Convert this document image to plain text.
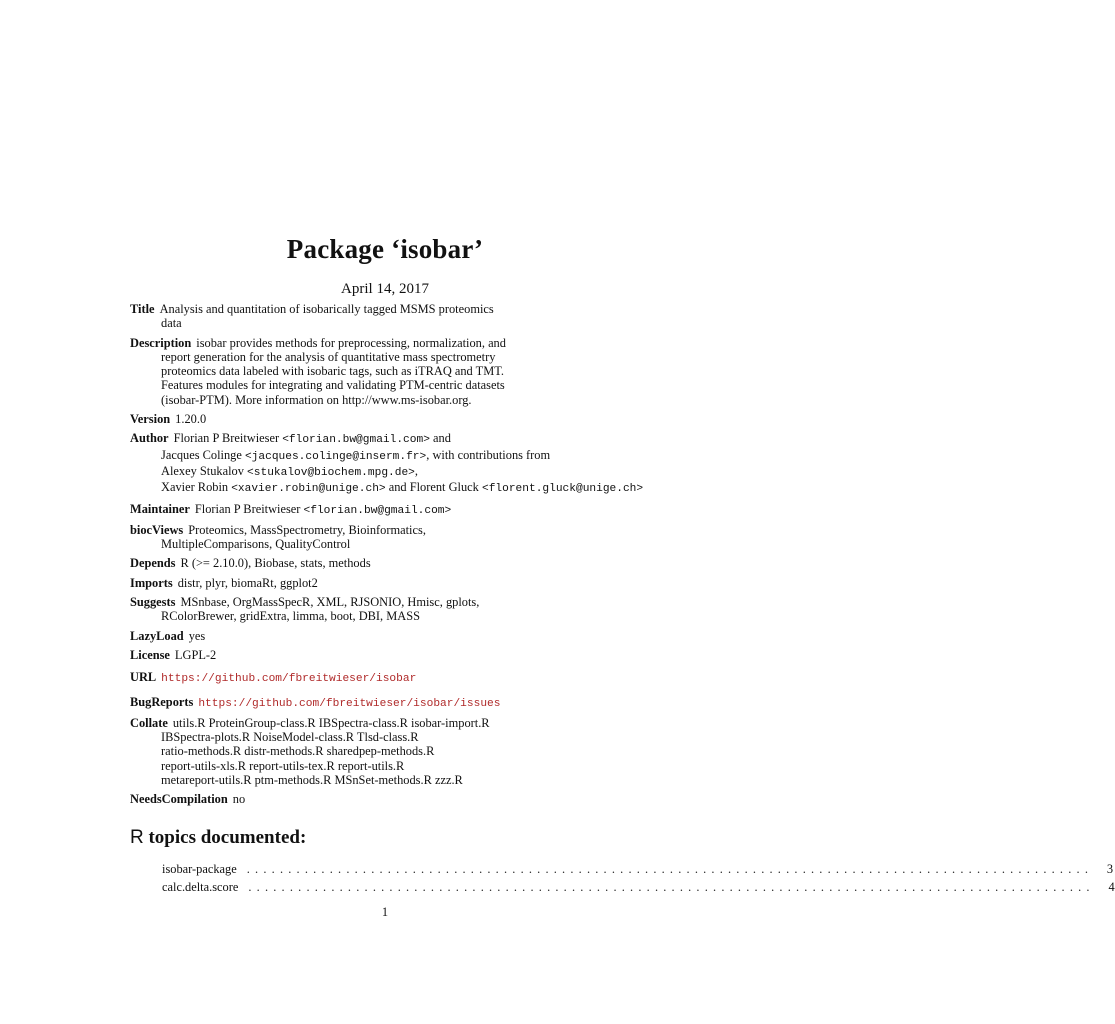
Package ‘isobar’
April 14, 2017
Title Analysis and quantitation of isobarically tagged MSMS proteomics
data
Description isobar provides methods for preprocessing, normalization, and
report generation for the analysis of quantitative mass spectrometry
proteomics data labeled with isobaric tags, such as iTRAQ and TMT.
Features modules for integrating and validating PTM-centric datasets
(isobar-PTM). More information on http://www.ms-isobar.org.
Version 1.20.0
Author Florian P Breitwieser <florian.bw@gmail.com> and
Jacques Colinge <jacques.colinge@inserm.fr>, with contributions from
Alexey Stukalov <stukalov@biochem.mpg.de>,
Xavier Robin <xavier.robin@unige.ch> and Florent Gluck <florent.gluck@unige.ch>
Maintainer Florian P Breitwieser <florian.bw@gmail.com>
biocViews Proteomics, MassSpectrometry, Bioinformatics,
MultipleComparisons, QualityControl
Depends R (>= 2.10.0), Biobase, stats, methods
Imports distr, plyr, biomaRt, ggplot2
Suggests MSnbase, OrgMassSpecR, XML, RJSONIO, Hmisc, gplots,
RColorBrewer, gridExtra, limma, boot, DBI, MASS
LazyLoad yes
License LGPL-2
URL https://github.com/fbreitwieser/isobar
BugReports https://github.com/fbreitwieser/isobar/issues
Collate utils.R ProteinGroup-class.R IBSpectra-class.R isobar-import.R
IBSpectra-plots.R NoiseModel-class.R Tlsd-class.R
ratio-methods.R distr-methods.R sharedpep-methods.R
report-utils-xls.R report-utils-tex.R report-utils.R
metareport-utils.R ptm-methods.R MSnSet-methods.R zzz.R
NeedsCompilation no
R topics documented:
isobar-package ......................................................................................................	3
calc.delta.score ......................................................................................................	4
1
